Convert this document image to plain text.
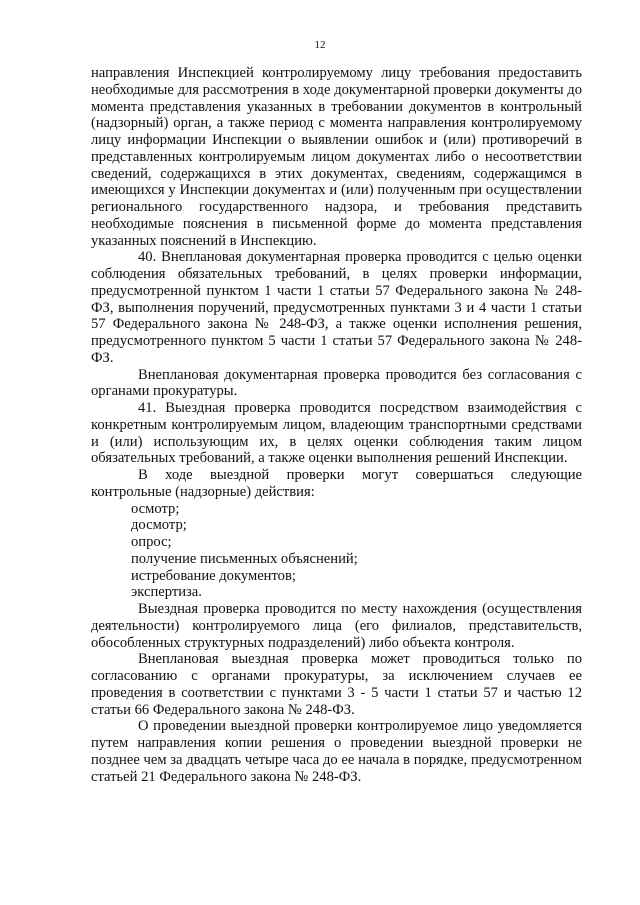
12

направления Инспекцией контролируемому лицу требования предоставить необходимые для рассмотрения в ходе документарной проверки документы до момента представления указанных в требовании документов в контрольный (надзорный) орган, а также период с момента направления контролируемому лицу информации Инспекции о выявлении ошибок и (или) противоречий в представленных контролируемым лицом документах либо о несоответствии сведений, содержащихся в этих документах, сведениям, содержащимся в имеющихся у Инспекции документах и (или) полученным при осуществлении регионального государственного надзора, и требования представить необходимые пояснения в письменной форме до момента представления указанных пояснений в Инспекцию.

40. Внеплановая документарная проверка проводится с целью оценки соблюдения обязательных требований, в целях проверки информации, предусмотренной пунктом 1 части 1 статьи 57 Федерального закона № 248-ФЗ, выполнения поручений, предусмотренных пунктами 3 и 4 части 1 статьи 57 Федерального закона № 248-ФЗ, а также оценки исполнения решения, предусмотренного пунктом 5 части 1 статьи 57 Федерального закона № 248-ФЗ.

Внеплановая документарная проверка проводится без согласования с органами прокуратуры.

41. Выездная проверка проводится посредством взаимодействия с конкретным контролируемым лицом, владеющим транспортными средствами и (или) использующим их, в целях оценки соблюдения таким лицом обязательных требований, а также оценки выполнения решений Инспекции.

В ходе выездной проверки могут совершаться следующие контрольные (надзорные) действия:

осмотр;
досмотр;
опрос;
получение письменных объяснений;
истребование документов;
экспертиза.

Выездная проверка проводится по месту нахождения (осуществления деятельности) контролируемого лица (его филиалов, представительств, обособленных структурных подразделений) либо объекта контроля.

Внеплановая выездная проверка может проводиться только по согласованию с органами прокуратуры, за исключением случаев ее проведения в соответствии с пунктами 3 - 5 части 1 статьи 57 и частью 12 статьи 66 Федерального закона № 248-ФЗ.

О проведении выездной проверки контролируемое лицо уведомляется путем направления копии решения о проведении выездной проверки не позднее чем за двадцать четыре часа до ее начала в порядке, предусмотренном статьей 21 Федерального закона № 248-ФЗ.
